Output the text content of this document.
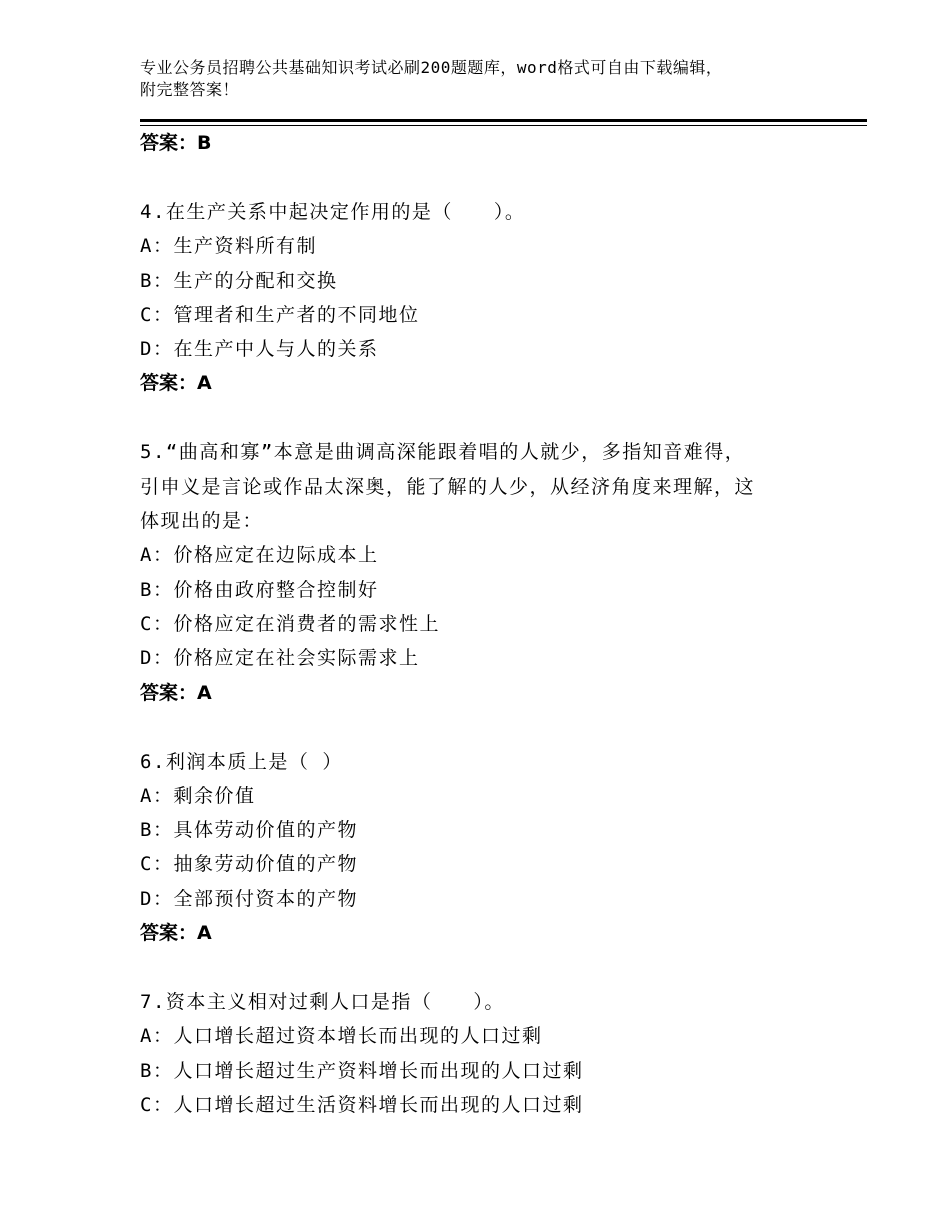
专业公务员招聘公共基础知识考试必刷200题题库，word格式可自由下载编辑，
附完整答案！
答案：B
4.在生产关系中起决定作用的是（　　）。
A：生产资料所有制
B：生产的分配和交换
C：管理者和生产者的不同地位
D：在生产中人与人的关系
答案：A
5.“曲高和寡”本意是曲调高深能跟着唱的人就少，多指知音难得，
引申义是言论或作品太深奥，能了解的人少，从经济角度来理解，这
体现出的是：
A：价格应定在边际成本上
B：价格由政府整合控制好
C：价格应定在消费者的需求性上
D：价格应定在社会实际需求上
答案：A
6.利润本质上是（ ）
A：剩余价值
B：具体劳动价值的产物
C：抽象劳动价值的产物
D：全部预付资本的产物
答案：A
7.资本主义相对过剩人口是指（　　）。
A：人口增长超过资本增长而出现的人口过剩
B：人口增长超过生产资料增长而出现的人口过剩
C：人口增长超过生活资料增长而出现的人口过剩
